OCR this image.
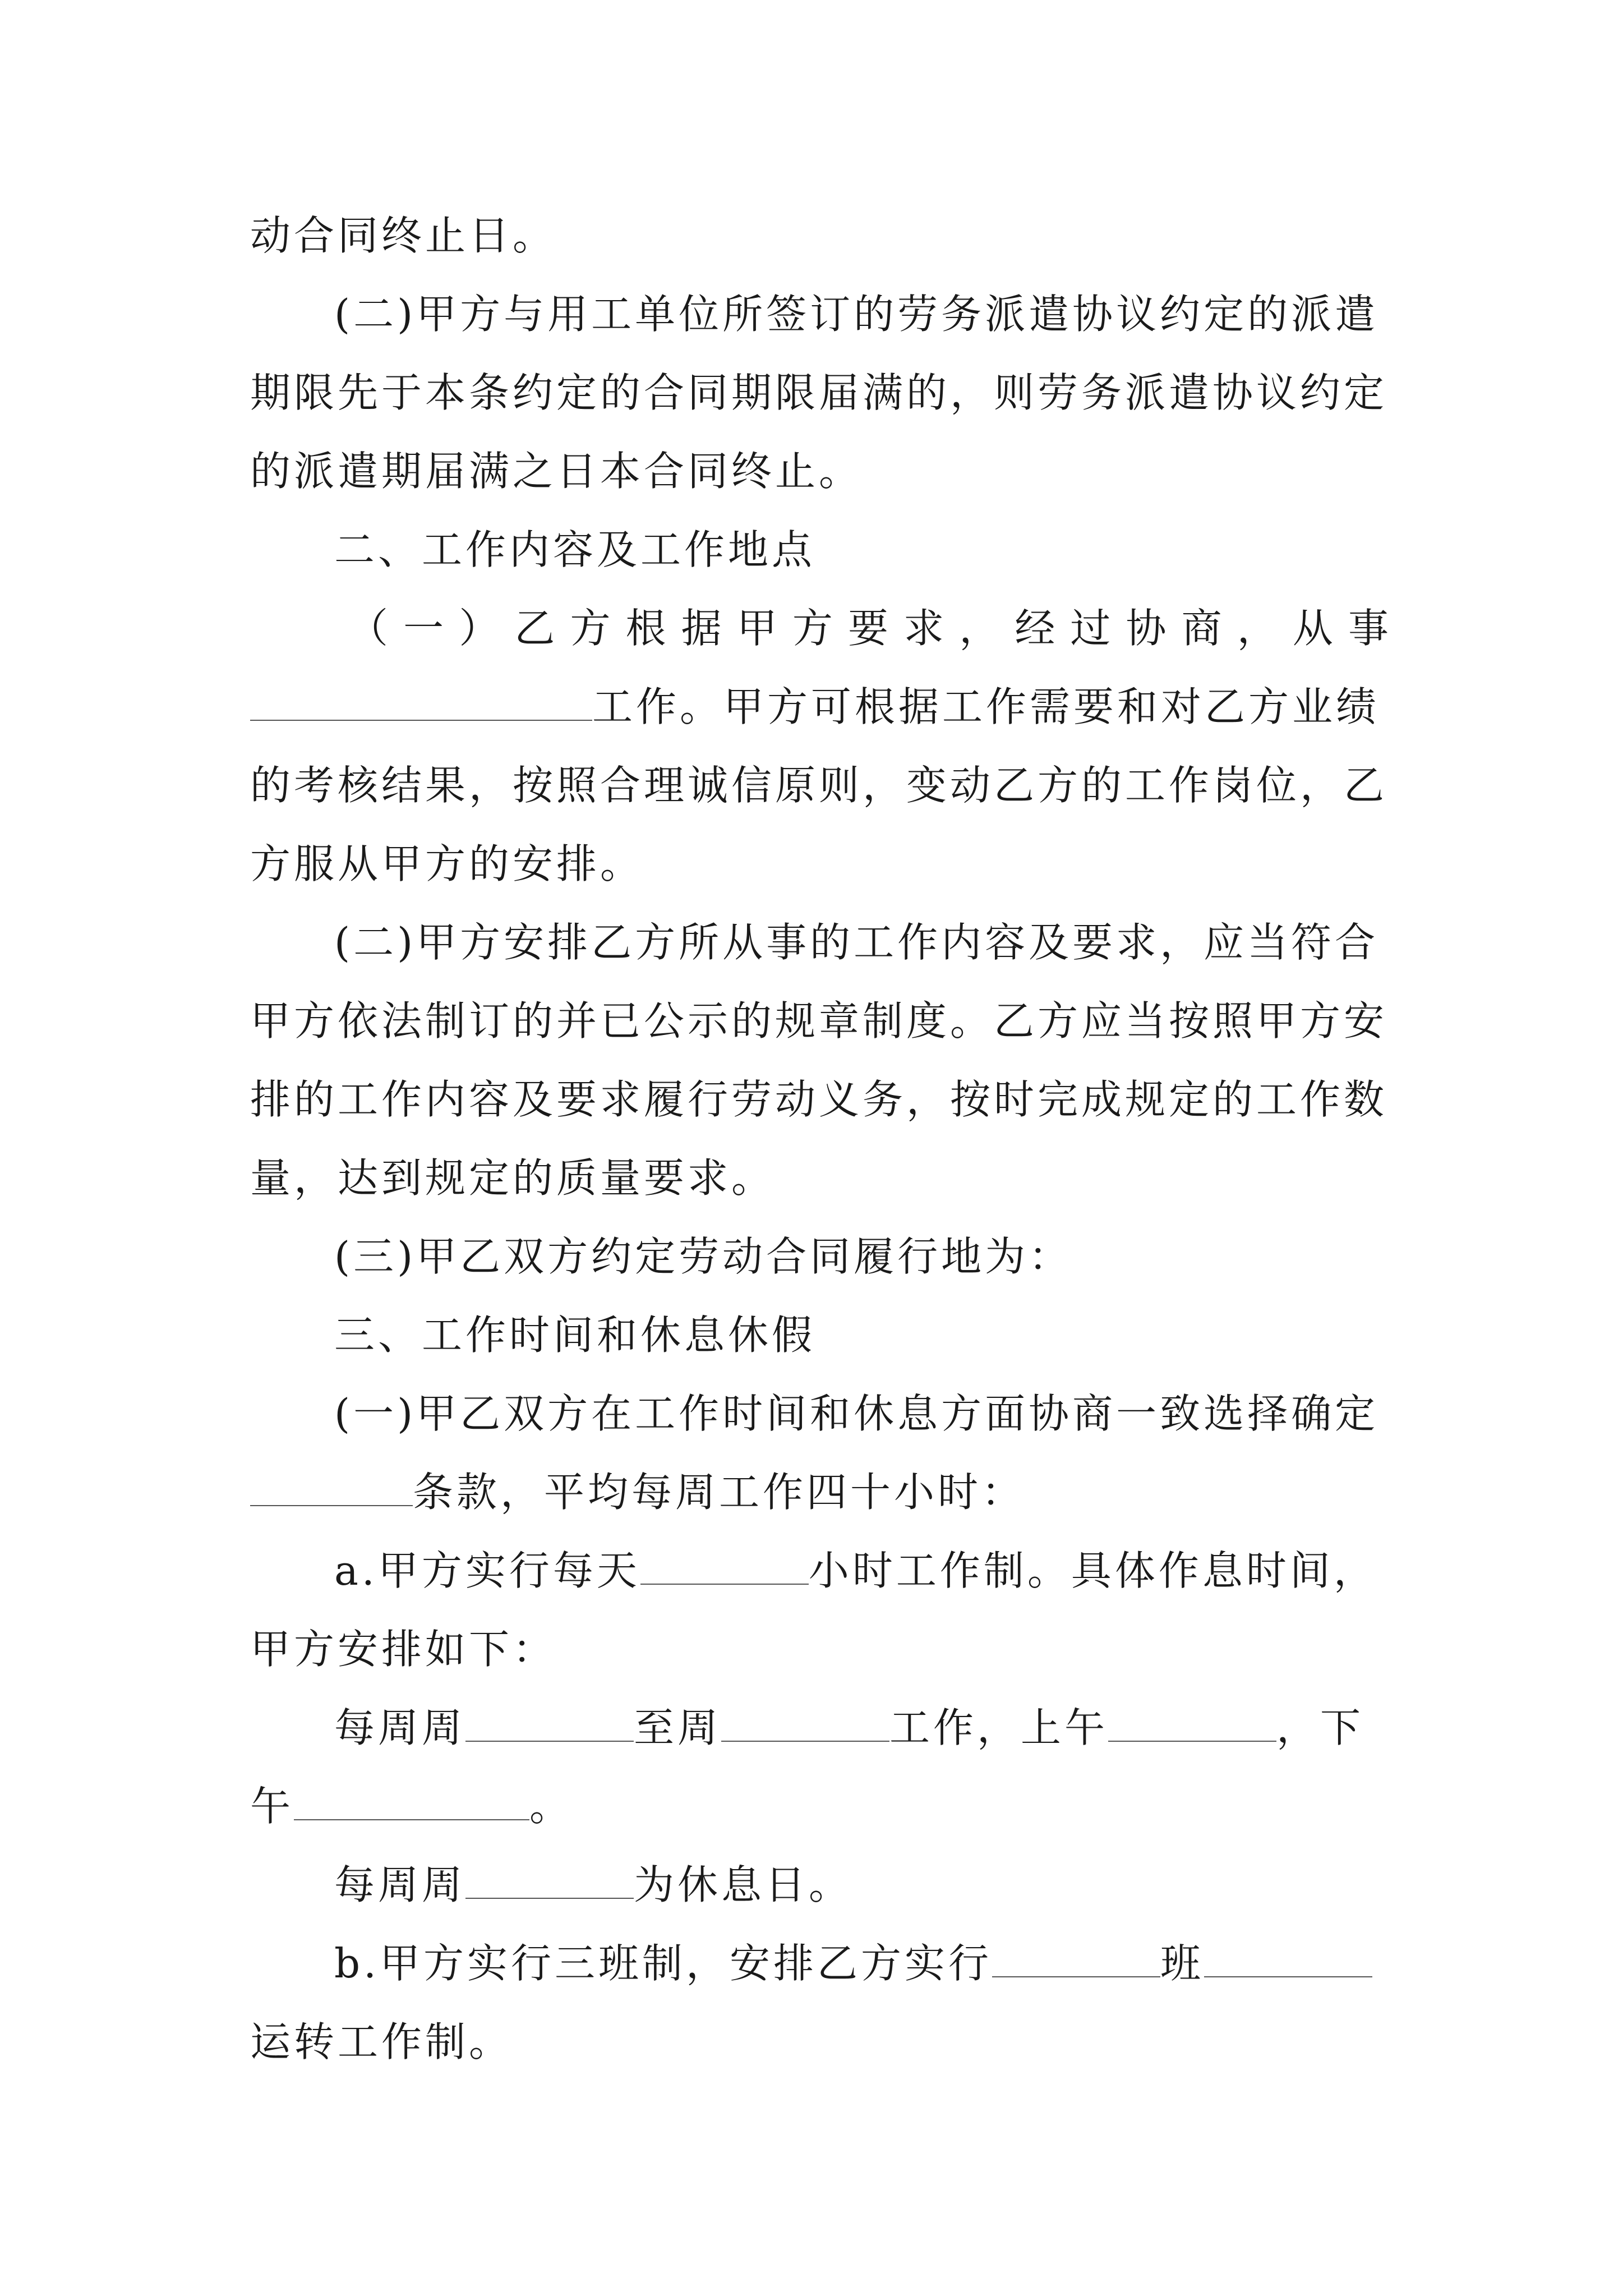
动合同终止日。
(二)甲方与用工单位所签订的劳务派遣协议约定的派遣
期限先于本条约定的合同期限届满的，则劳务派遣协议约定
的派遣期届满之日本合同终止。
二、工作内容及工作地点
（ 一 ） 乙 方 根 据 甲 方 要 求 ， 经 过 协 商 ， 从 事
工作。甲方可根据工作需要和对乙方业绩
的考核结果，按照合理诚信原则，变动乙方的工作岗位，乙
方服从甲方的安排。
(二)甲方安排乙方所从事的工作内容及要求，应当符合
甲方依法制订的并已公示的规章制度。乙方应当按照甲方安
排的工作内容及要求履行劳动义务，按时完成规定的工作数
量，达到规定的质量要求。
(三)甲乙双方约定劳动合同履行地为：
三、工作时间和休息休假
(一)甲乙双方在工作时间和休息方面协商一致选择确定
条款，平均每周工作四十小时：
a.甲方实行每天	小时工作制。具体作息时间，
甲方安排如下：
每周周	至周	工作，上午	，下
午	。
每周周	为休息日。
b.甲方实行三班制，安排乙方实行	班
运转工作制。
